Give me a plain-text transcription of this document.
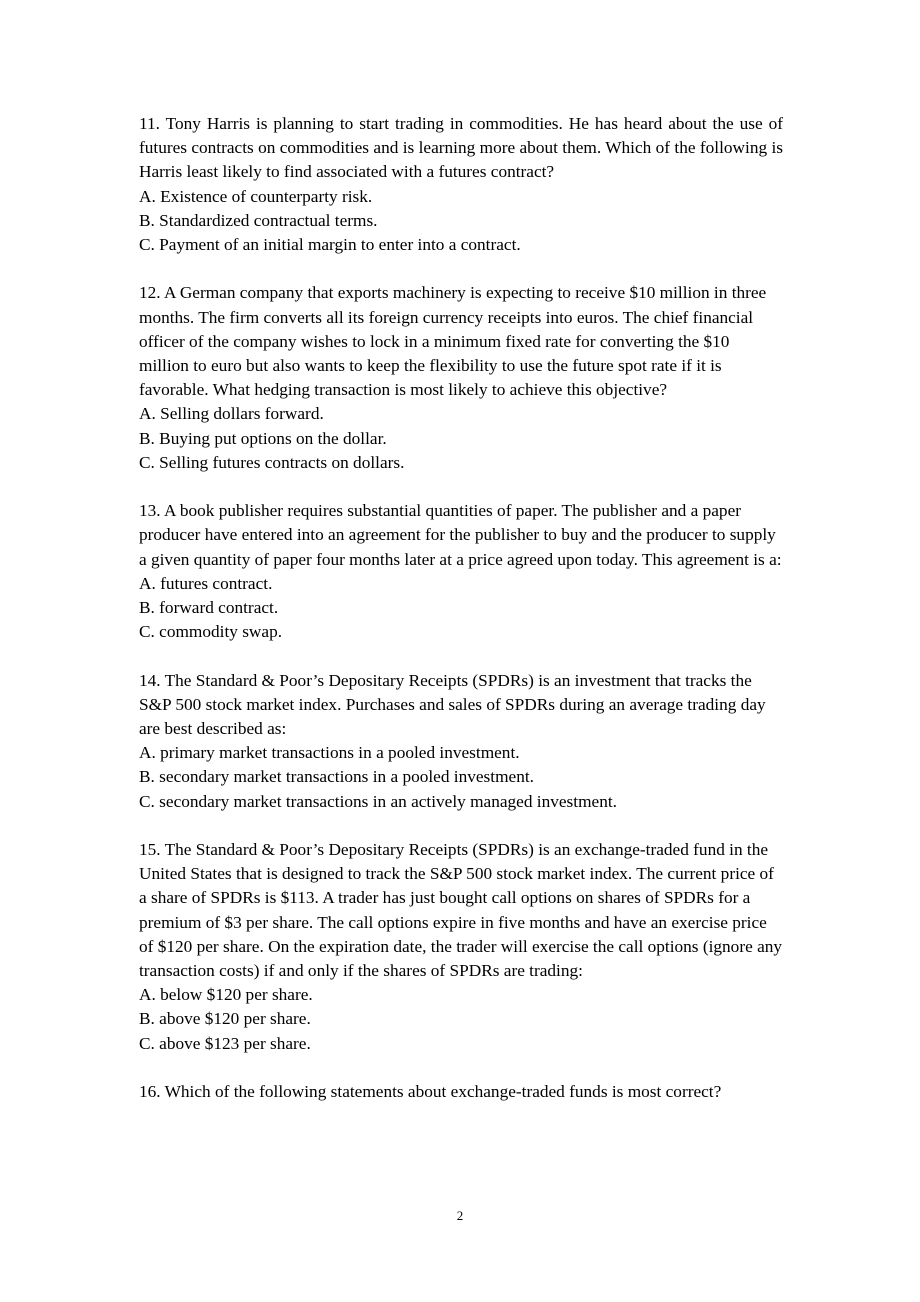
11. Tony Harris is planning to start trading in commodities. He has heard about the use of futures contracts on commodities and is learning more about them. Which of the following is Harris least likely to find associated with a futures contract?

A. Existence of counterparty risk.

B. Standardized contractual terms.

C. Payment of an initial margin to enter into a contract.

12. A German company that exports machinery is expecting to receive $10 million in three months. The firm converts all its foreign currency receipts into euros. The chief financial officer of the company wishes to lock in a minimum fixed rate for converting the $10 million to euro but also wants to keep the flexibility to use the future spot rate if it is favorable. What hedging transaction is most likely to achieve this objective?

A. Selling dollars forward.

B. Buying put options on the dollar.

C. Selling futures contracts on dollars.

13. A book publisher requires substantial quantities of paper. The publisher and a paper producer have entered into an agreement for the publisher to buy and the producer to supply a given quantity of paper four months later at a price agreed upon today. This agreement is a:

A. futures contract.

B. forward contract.

C. commodity swap.

14. The Standard & Poor’s Depositary Receipts (SPDRs) is an investment that tracks the S&P 500 stock market index. Purchases and sales of SPDRs during an average trading day are best described as:

A. primary market transactions in a pooled investment.

B. secondary market transactions in a pooled investment.

C. secondary market transactions in an actively managed investment.

15. The Standard & Poor’s Depositary Receipts (SPDRs) is an exchange-traded fund in the United States that is designed to track the S&P 500 stock market index. The current price of a share of SPDRs is $113. A trader has just bought call options on shares of SPDRs for a premium of $3 per share. The call options expire in five months and have an exercise price of $120 per share. On the expiration date, the trader will exercise the call options (ignore any transaction costs) if and only if the shares of SPDRs are trading:

A. below $120 per share.

B. above $120 per share.

C. above $123 per share.

16. Which of the following statements about exchange-traded funds is most correct?

2
